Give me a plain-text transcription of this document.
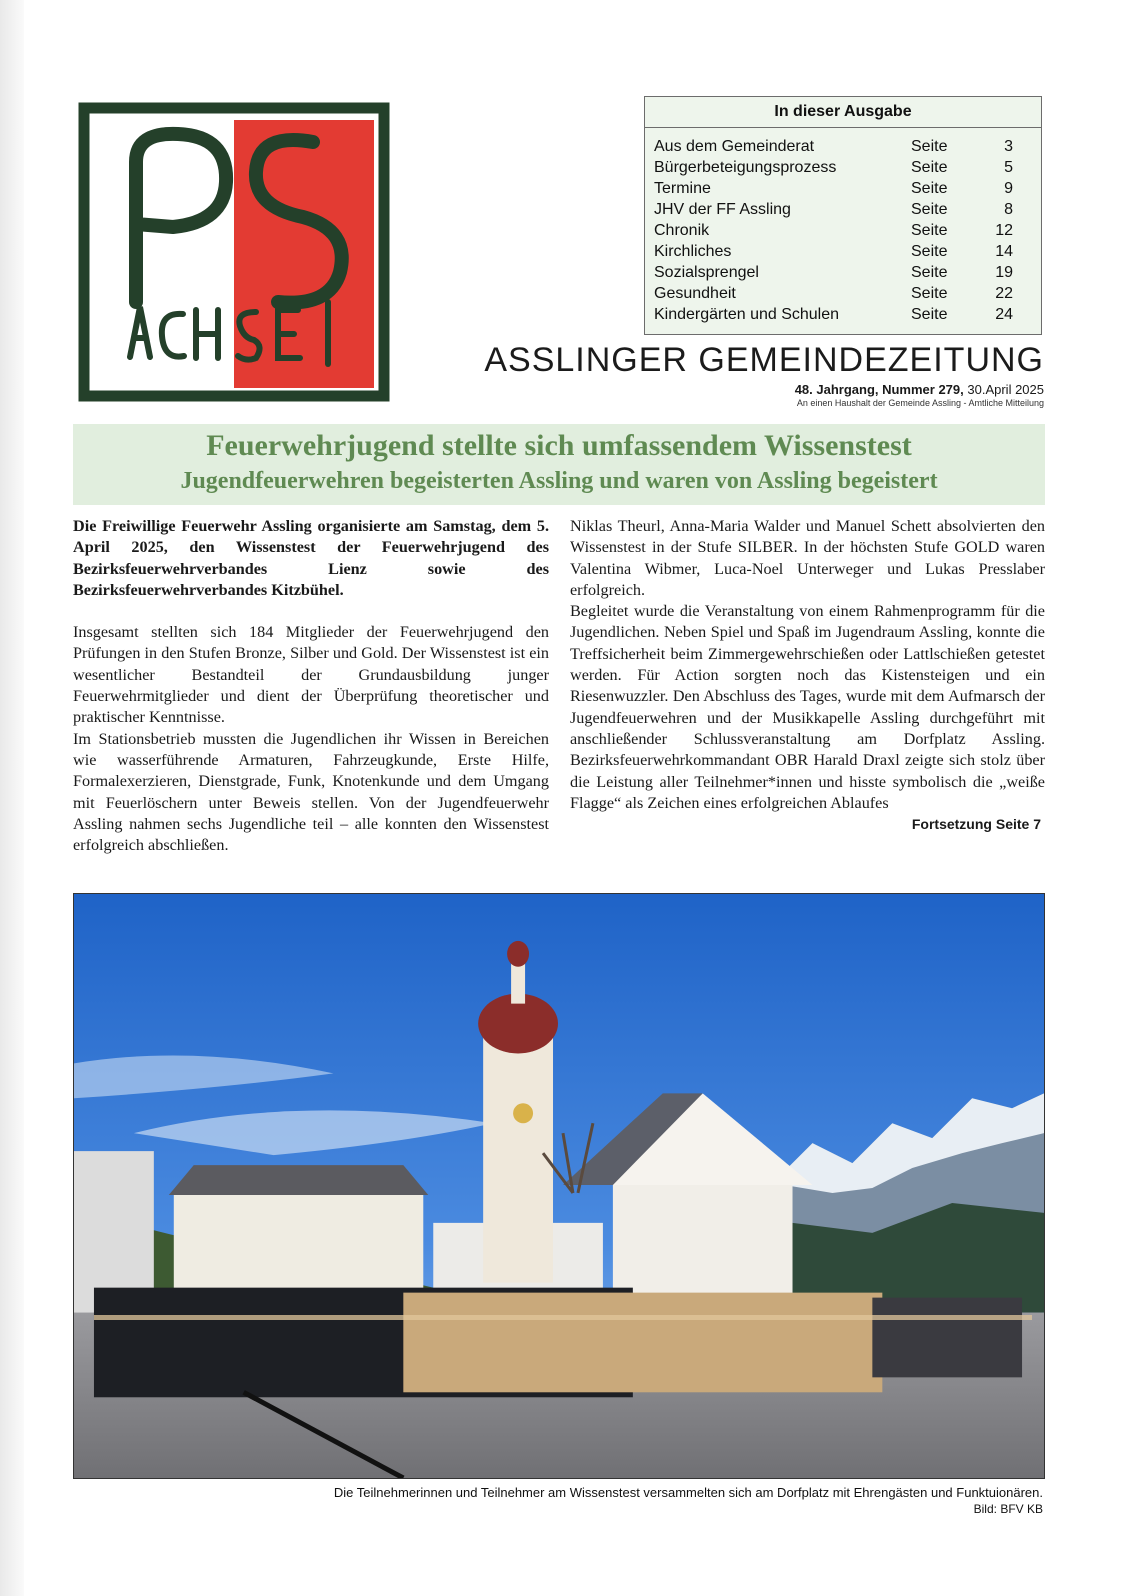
In dieser Ausgabe
Aus dem Gemeinderat	Seite	3
Bürgerbeteigungsprozess	Seite	5
Termine	Seite	9
JHV der FF Assling	Seite	8
Chronik	Seite	12
Kirchliches	Seite	14
Sozialsprengel	Seite	19
Gesundheit	Seite	22
Kindergärten und Schulen	Seite	24
ASSLINGER GEMEINDEZEITUNG
48. Jahrgang, Nummer 279, 30.April 2025
An einen Haushalt der Gemeinde Assling - Amtliche Mitteilung
Feuerwehrjugend stellte sich umfassendem Wissenstest
Jugendfeuerwehren begeisterten Assling und waren von Assling begeistert

Die Freiwillige Feuerwehr Assling organisierte am Samstag, dem 5. April 2025, den Wissenstest der Feuerwehrjugend des Bezirksfeuerwehrverbandes Lienz sowie des Bezirksfeuerwehrverbandes Kitzbühel.

Insgesamt stellten sich 184 Mitglieder der Feuerwehrjugend den Prüfungen in den Stufen Bronze, Silber und Gold. Der Wissenstest ist ein wesentlicher Bestandteil der Grundausbildung junger Feuerwehrmitglieder und dient der Überprüfung theoretischer und praktischer Kenntnisse.

Im Stationsbetrieb mussten die Jugendlichen ihr Wissen in Bereichen wie wasserführende Armaturen, Fahrzeugkunde, Erste Hilfe, Formalexerzieren, Dienstgrade, Funk, Knotenkunde und dem Umgang mit Feuerlöschern unter Beweis stellen. Von der Jugendfeuerwehr Assling nahmen sechs Jugendliche teil – alle konnten den Wissenstest erfolgreich abschließen.

Niklas Theurl, Anna-Maria Walder und Manuel Schett absolvierten den Wissenstest in der Stufe SILBER. In der höchsten Stufe GOLD waren Valentina Wibmer, Luca-Noel Unterweger und Lukas Presslaber erfolgreich.

Begleitet wurde die Veranstaltung von einem Rahmenprogramm für die Jugendlichen. Neben Spiel und Spaß im Jugendraum Assling, konnte die Treffsicherheit beim Zimmergewehrschießen oder Lattlschießen getestet werden. Für Action sorgten noch das Kistensteigen und ein Riesenwuzzler. Den Abschluss des Tages, wurde mit dem Aufmarsch der Jugendfeuerwehren und der Musikkapelle Assling durchgeführt mit anschließender Schlussveranstaltung am Dorfplatz Assling. Bezirksfeuerwehrkommandant OBR Harald Draxl zeigte sich stolz über die Leistung aller Teilnehmer*innen und hisste symbolisch die „weiße Flagge“ als Zeichen eines erfolgreichen Ablaufes

Fortsetzung Seite 7
Die Teilnehmerinnen und Teilnehmer am Wissenstest versammelten sich am Dorfplatz mit Ehrengästen und Funktuionären.
Bild: BFV KB
